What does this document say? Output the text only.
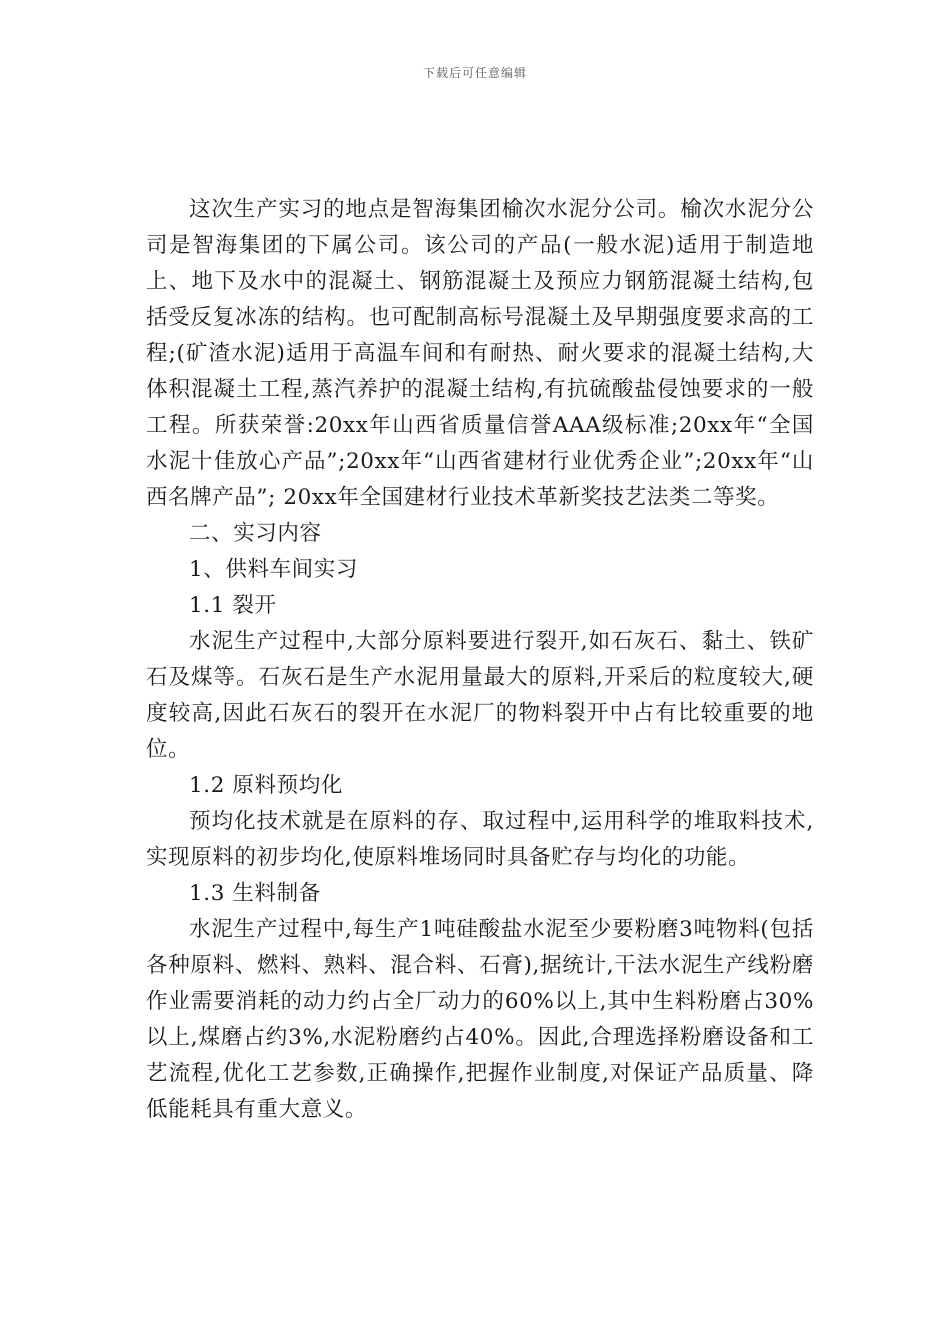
下载后可任意编辑

这次生产实习的地点是智海集团榆次水泥分公司。榆次水泥分公司是智海集团的下属公司。该公司的产品(一般水泥)适用于制造地上、地下及水中的混凝土、钢筋混凝土及预应力钢筋混凝土结构,包括受反复冰冻的结构。也可配制高标号混凝土及早期强度要求高的工程;(矿渣水泥)适用于高温车间和有耐热、耐火要求的混凝土结构,大体积混凝土工程,蒸汽养护的混凝土结构,有抗硫酸盐侵蚀要求的一般工程。所获荣誉:20xx年山西省质量信誉AAA级标准;20xx年“全国水泥十佳放心产品”;20xx年“山西省建材行业优秀企业”;20xx年“山西名牌产品”; 20xx年全国建材行业技术革新奖技艺法类二等奖。

二、实习内容

1、供料车间实习

1.1 裂开

水泥生产过程中,大部分原料要进行裂开,如石灰石、黏土、铁矿石及煤等。石灰石是生产水泥用量最大的原料,开采后的粒度较大,硬度较高,因此石灰石的裂开在水泥厂的物料裂开中占有比较重要的地位。

1.2 原料预均化

预均化技术就是在原料的存、取过程中,运用科学的堆取料技术,实现原料的初步均化,使原料堆场同时具备贮存与均化的功能。

1.3 生料制备

水泥生产过程中,每生产1吨硅酸盐水泥至少要粉磨3吨物料(包括各种原料、燃料、熟料、混合料、石膏),据统计,干法水泥生产线粉磨作业需要消耗的动力约占全厂动力的60%以上,其中生料粉磨占30%以上,煤磨占约3%,水泥粉磨约占40%。因此,合理选择粉磨设备和工艺流程,优化工艺参数,正确操作,把握作业制度,对保证产品质量、降低能耗具有重大意义。
